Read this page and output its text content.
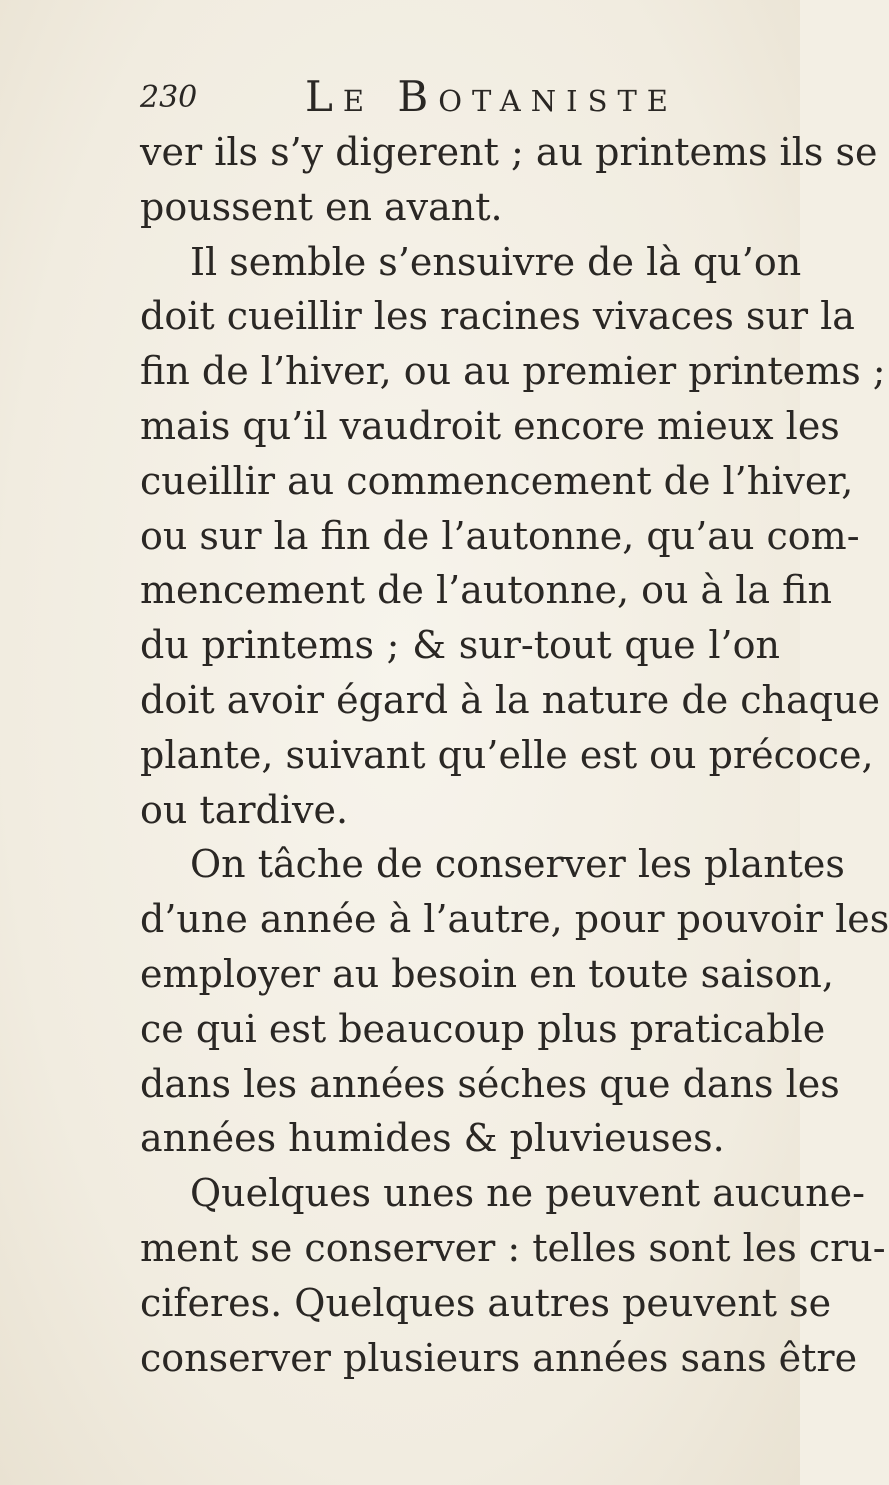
230	Le Botaniste
ver ils s’y digerent ; au printems ils se
poussent en avant.
Il semble s’ensuivre de là qu’on
doit cueillir les racines vivaces sur la
fin de l’hiver, ou au premier printems ;
mais qu’il vaudroit encore mieux les
cueillir au commencement de l’hiver,
ou sur la fin de l’autonne, qu’au com-
mencement de l’autonne, ou à la fin
du printems ; & sur-tout que l’on
doit avoir égard à la nature de chaque
plante, suivant qu’elle est ou précoce,
ou tardive.
On tâche de conserver les plantes
d’une année à l’autre, pour pouvoir les
employer au besoin en toute saison,
ce qui est beaucoup plus praticable
dans les années séches que dans les
années humides & pluvieuses.
Quelques unes ne peuvent aucune-
ment se conserver : telles sont les cru-
ciferes. Quelques autres peuvent se
conserver plusieurs années sans être
